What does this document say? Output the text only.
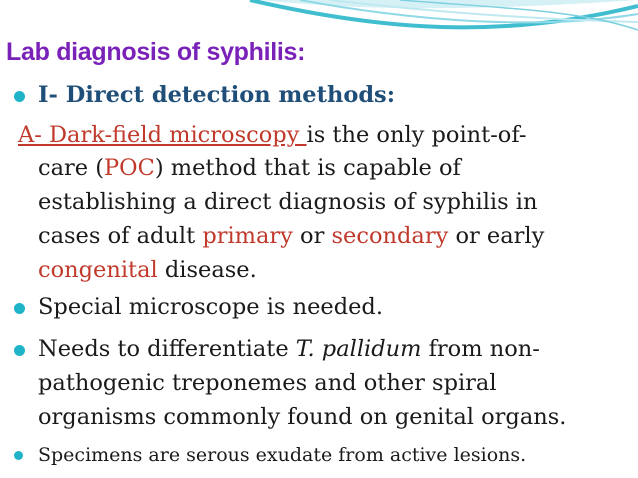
Lab diagnosis of syphilis:
I- Direct detection methods:
A- Dark-field microscopy is the only point-of-
care (POC) method that is capable of
establishing a direct diagnosis of syphilis in
cases of adult primary or secondary or early
congenital disease.
Special microscope is needed.
Needs to differentiate T. pallidum from non-
pathogenic treponemes and other spiral
organisms commonly found on genital organs.
Specimens are serous exudate from active lesions.
